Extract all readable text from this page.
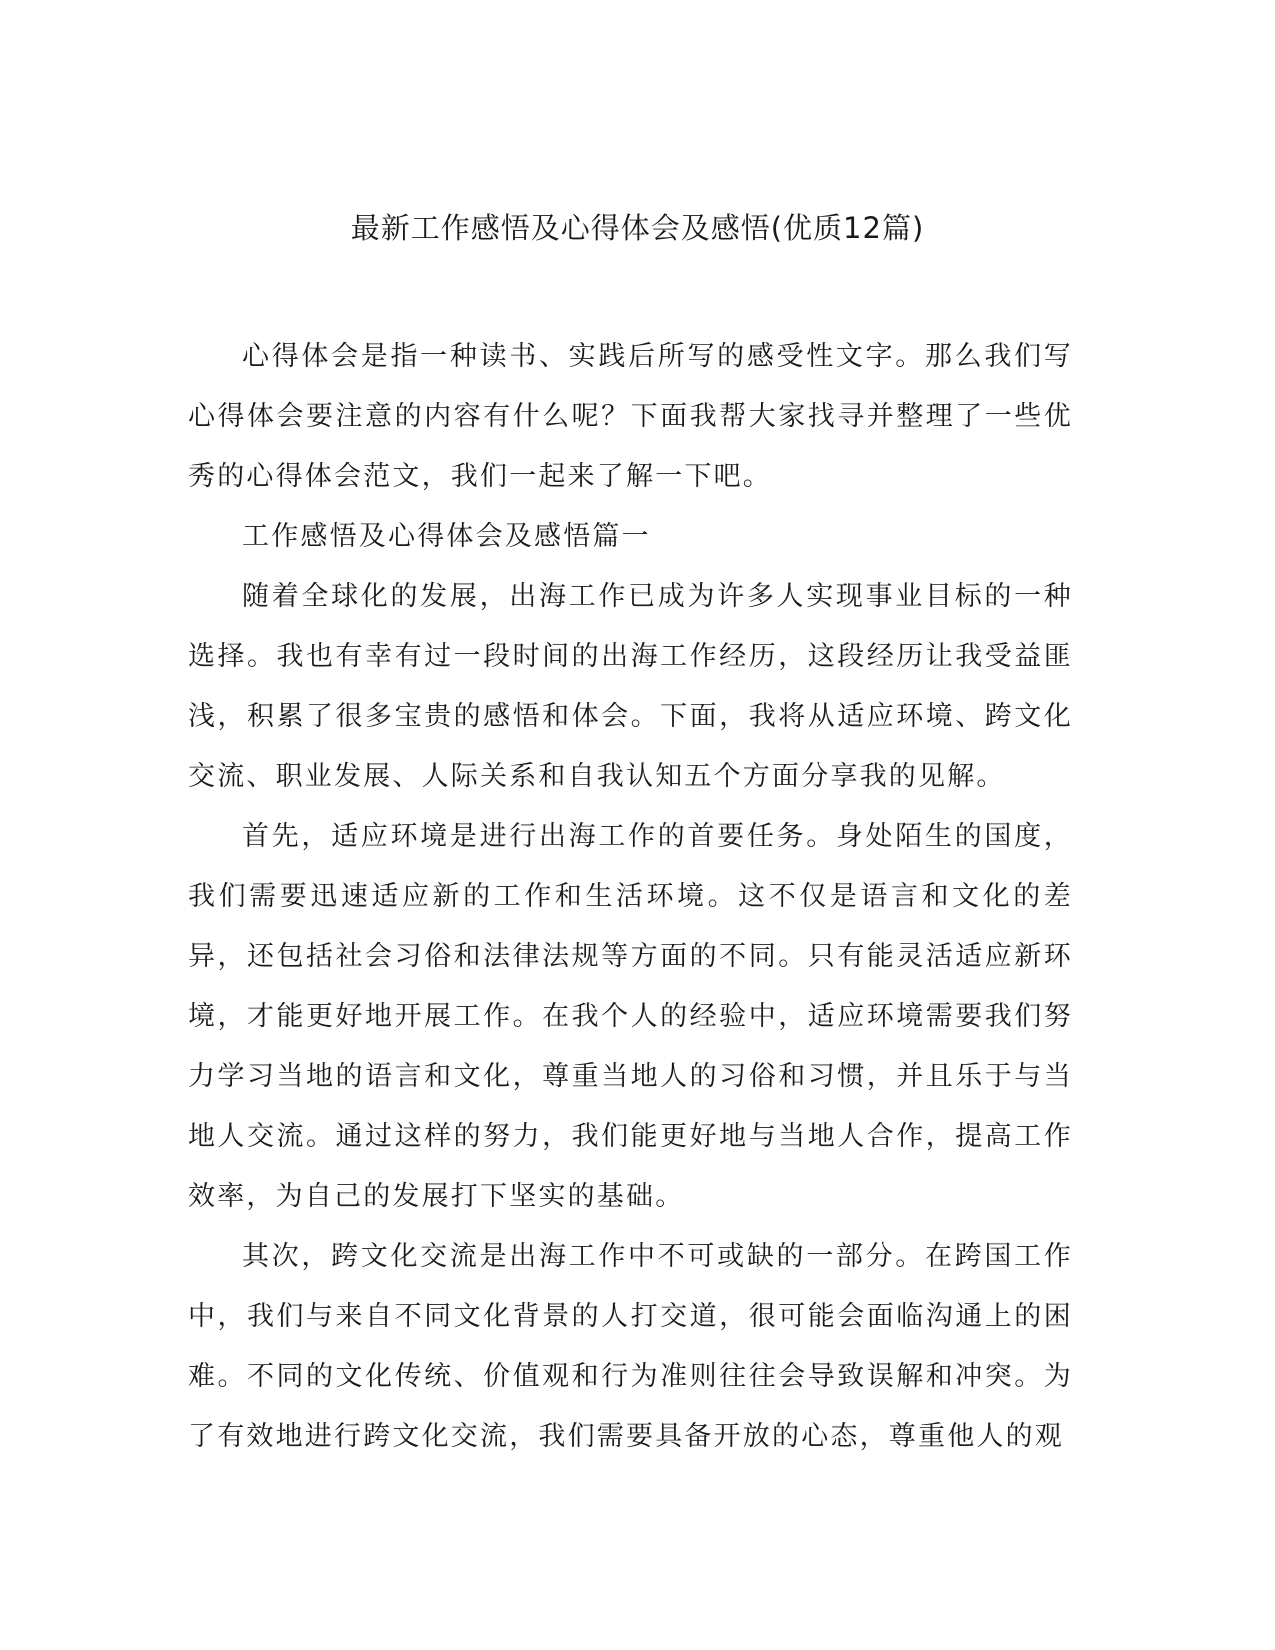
最新工作感悟及心得体会及感悟(优质12篇)

心得体会是指一种读书、实践后所写的感受性文字。那么我们写心得体会要注意的内容有什么呢？下面我帮大家找寻并整理了一些优秀的心得体会范文，我们一起来了解一下吧。

工作感悟及心得体会及感悟篇一

随着全球化的发展，出海工作已成为许多人实现事业目标的一种选择。我也有幸有过一段时间的出海工作经历，这段经历让我受益匪浅，积累了很多宝贵的感悟和体会。下面，我将从适应环境、跨文化交流、职业发展、人际关系和自我认知五个方面分享我的见解。

首先，适应环境是进行出海工作的首要任务。身处陌生的国度，我们需要迅速适应新的工作和生活环境。这不仅是语言和文化的差异，还包括社会习俗和法律法规等方面的不同。只有能灵活适应新环境，才能更好地开展工作。在我个人的经验中，适应环境需要我们努力学习当地的语言和文化，尊重当地人的习俗和习惯，并且乐于与当地人交流。通过这样的努力，我们能更好地与当地人合作，提高工作效率，为自己的发展打下坚实的基础。

其次，跨文化交流是出海工作中不可或缺的一部分。在跨国工作中，我们与来自不同文化背景的人打交道，很可能会面临沟通上的困难。不同的文化传统、价值观和行为准则往往会导致误解和冲突。为了有效地进行跨文化交流，我们需要具备开放的心态，尊重他人的观
